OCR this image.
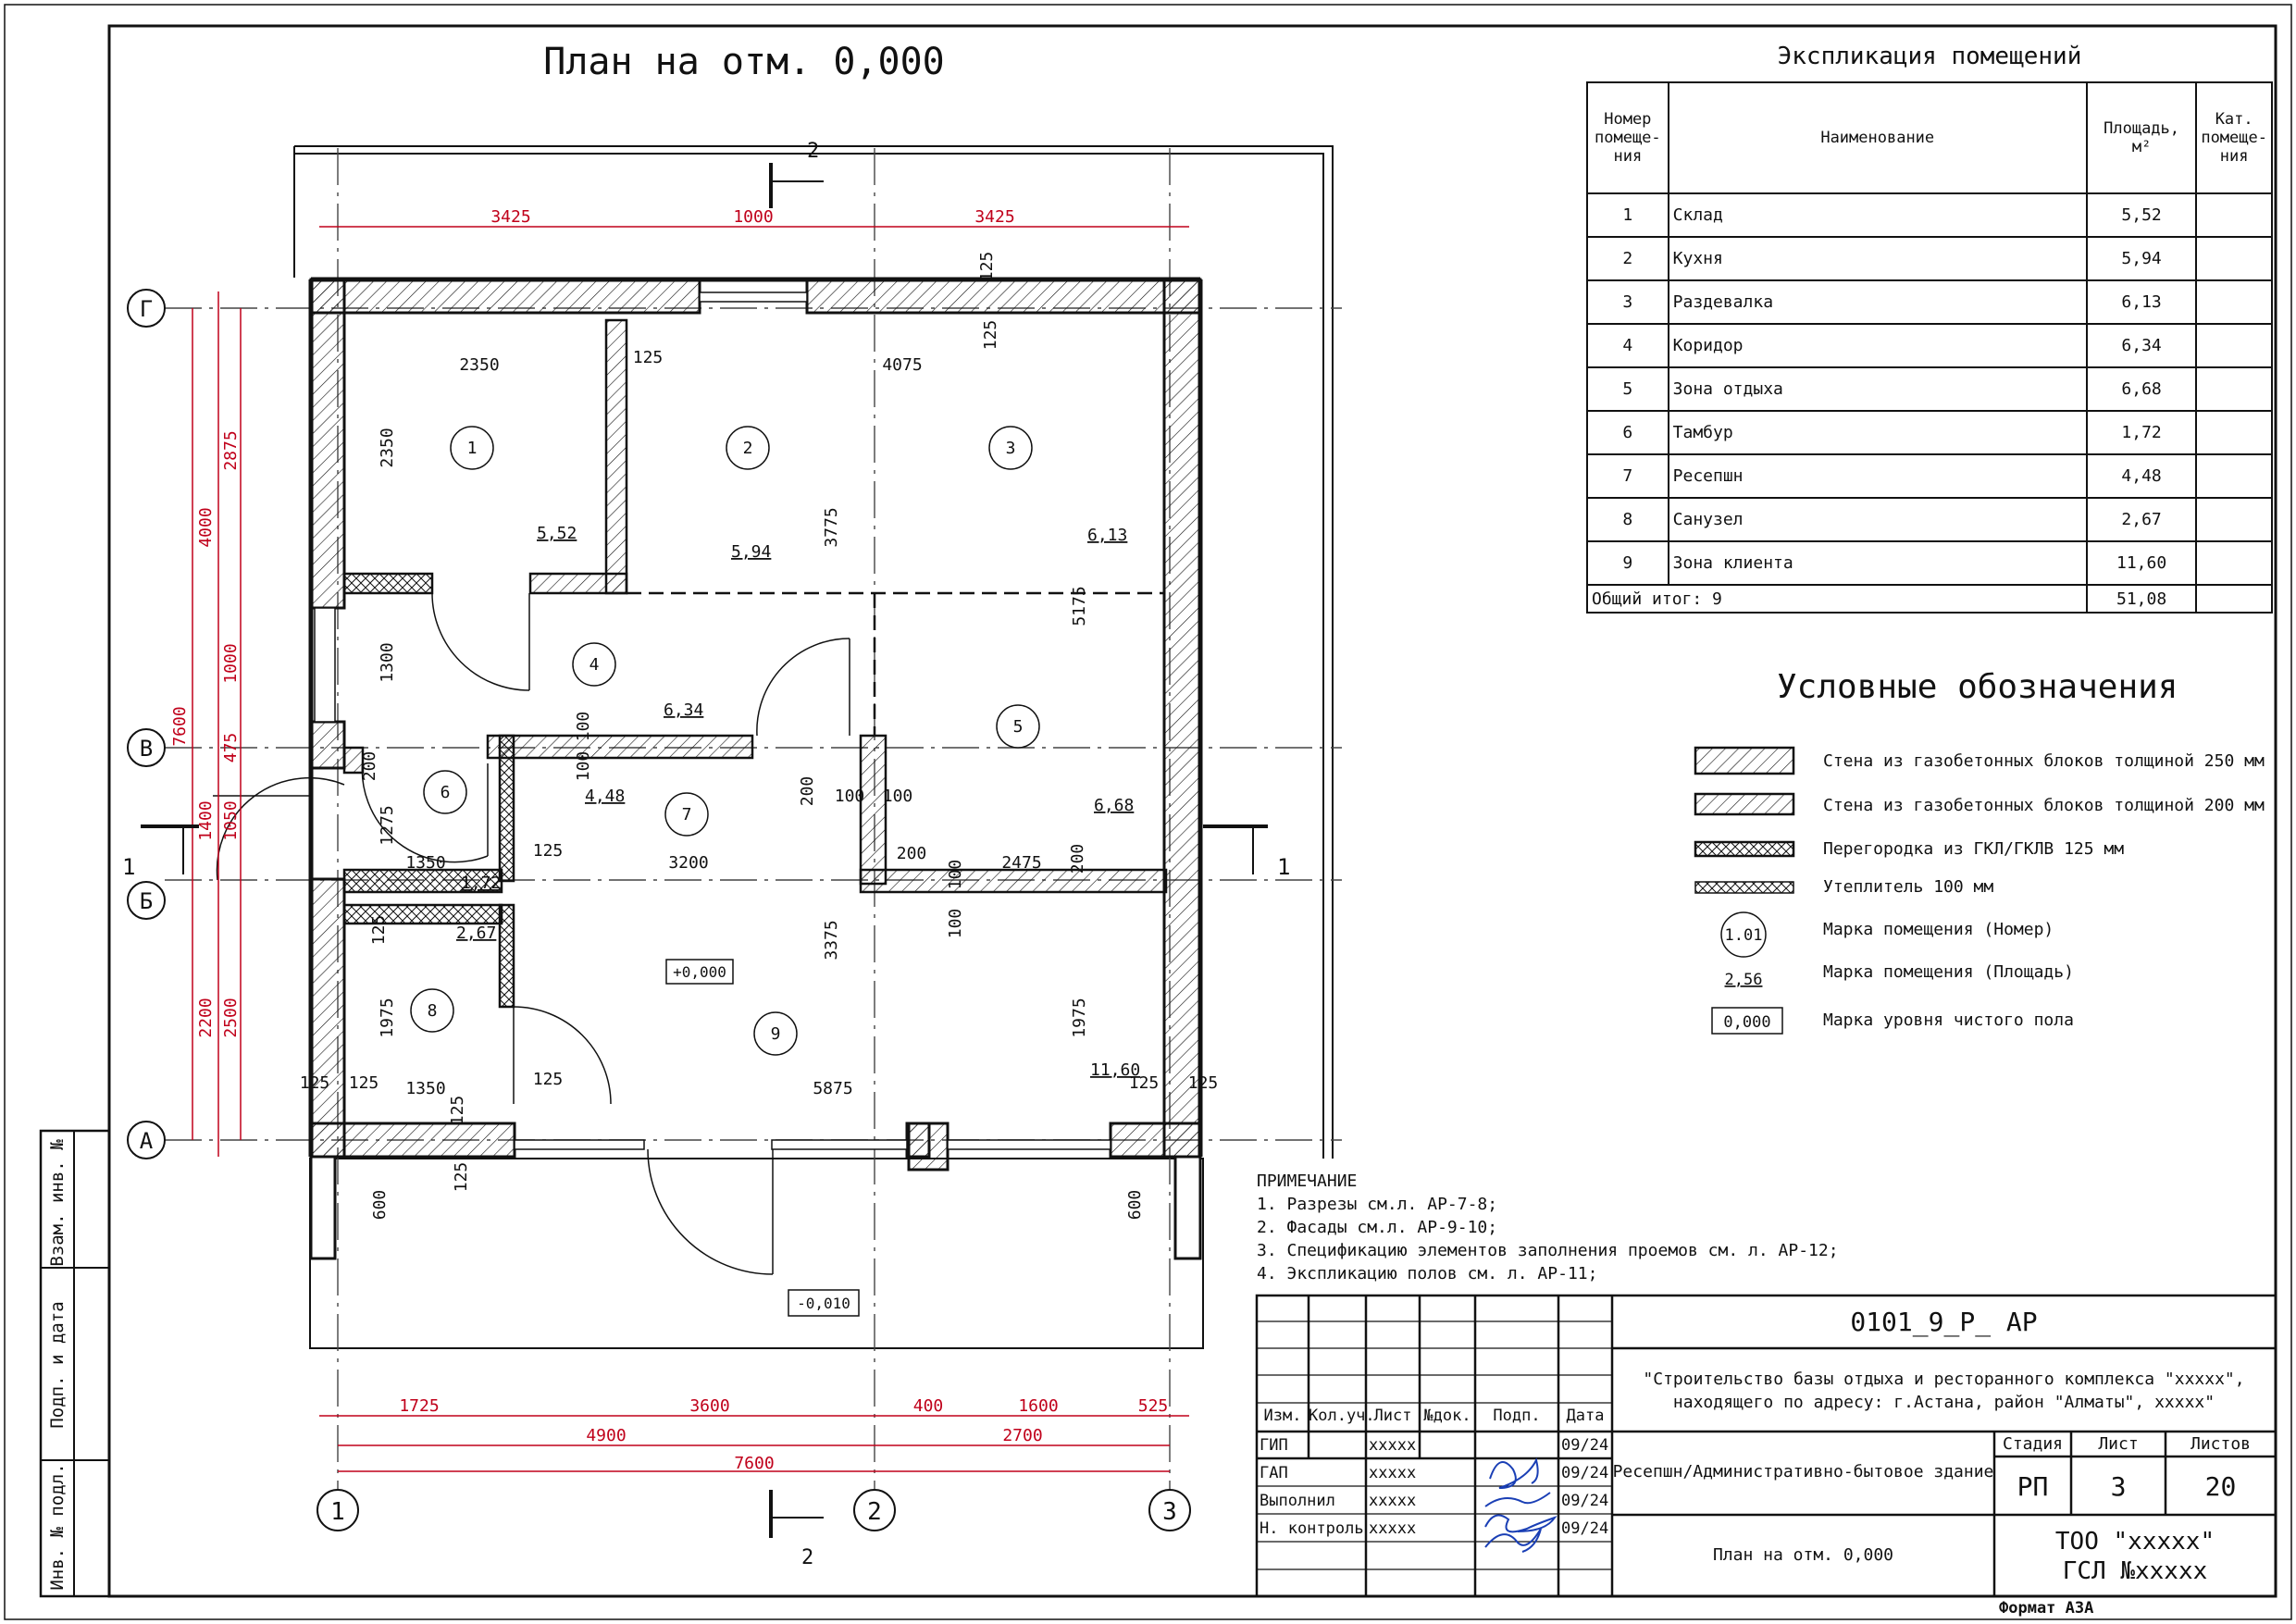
Взам. инв. №
Подп. и дата
Инв. № подл.
План на отм. 0,000
Г
В
Б
А
1	2	3
2
2
1	1
1	2	3
4
5
6
7
8
9
5,52
5,94
6,13
6,34
6,68
1,72
4,48
2,67
11,60
3425	1000	3425
1725	3600	400	1600	525
4900	2700
7600
4000
1400
2200
2875
1000
475
1050
2500
7600
2350
2350
125	4075
125
125
3775
5175
1300
100
100
200 100 100
200
1275
1350
125
3200	200	2475 200
100
100
125	3375
1975	1975
125 1350	125
125
5875	125 125
125
600	600
125
+0,000
-0,010
1.01
2,56
0,000
Экспликация помещений
Номер помеще-ния	Наименование	Площадь, м²	Кат. помеще-ния
1	Склад	5,52	
2	Кухня	5,94	
3	Раздевалка	6,13	
4	Коридор	6,34	
5	Зона отдыха	6,68	
6	Тамбур	1,72	
7	Ресепшн	4,48	
8	Санузел	2,67	
9	Зона клиента	11,60	
Общий итог: 9		51,08	
Условные обозначения
Стена из газобетонных блоков толщиной 250 мм
Стена из газобетонных блоков толщиной 200 мм
Перегородка из ГКЛ/ГКЛВ 125 мм
Утеплитель 100 мм
Марка помещения (Номер)
Марка помещения (Площадь)
Марка уровня чистого пола
ПРИМЕЧАНИЕ
1. Разрезы см.л. АР-7-8;
2. Фасады см.л. АР-9-10;
3. Спецификацию элементов заполнения проемов см. л. АР-12;
4. Экспликацию полов см. л. АР-11;
0101_9_Р_ АР
"Строительство базы отдыха и ресторанного комплекса "xxxxx", находящего по адресу: г.Астана, район "Алматы", xxxxx"
Ресепшн/Административно-бытовое здание
План на отм. 0,000
Стадия	Лист	Листов
РП	3	20
ТОО "xxxxx"
ГСЛ №xxxxx
Формат А3А
Изм. Кол.уч.
Лист №док.	Подп.	Дата
ГИП	xxxxx	09/24
ГАП	xxxxx	09/24
Выполнил xxxxx	09/24
Н. контроль xxxxx	09/24
